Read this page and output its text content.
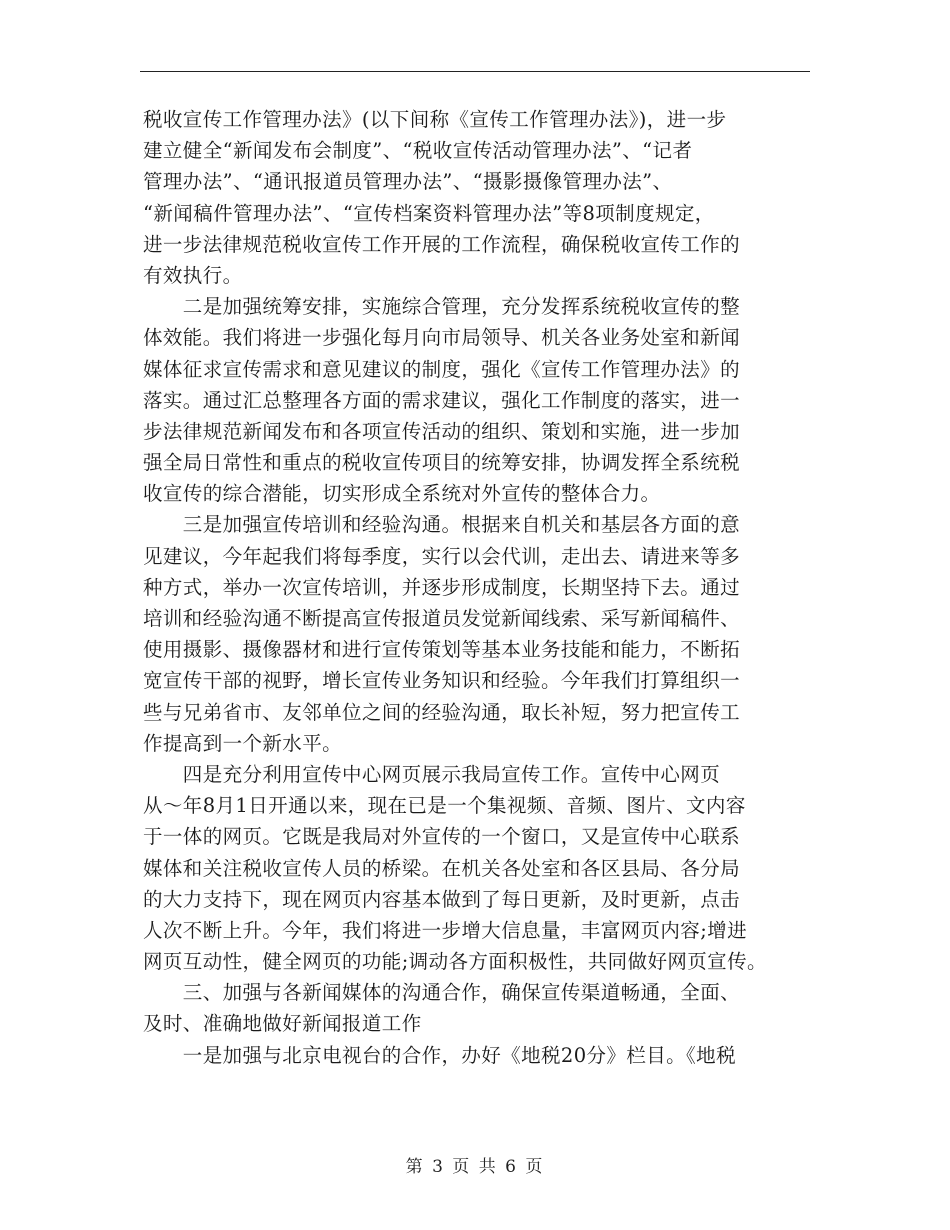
税收宣传工作管理办法》(以下间称《宣传工作管理办法》)，进一步
建立健全“新闻发布会制度”、“税收宣传活动管理办法”、“记者
管理办法”、“通讯报道员管理办法”、“摄影摄像管理办法”、
“新闻稿件管理办法”、“宣传档案资料管理办法”等8项制度规定，
进一步法律规范税收宣传工作开展的工作流程，确保税收宣传工作的
有效执行。
　　二是加强统筹安排，实施综合管理，充分发挥系统税收宣传的整
体效能。我们将进一步强化每月向市局领导、机关各业务处室和新闻
媒体征求宣传需求和意见建议的制度，强化《宣传工作管理办法》的
落实。通过汇总整理各方面的需求建议，强化工作制度的落实，进一
步法律规范新闻发布和各项宣传活动的组织、策划和实施，进一步加
强全局日常性和重点的税收宣传项目的统筹安排，协调发挥全系统税
收宣传的综合潜能，切实形成全系统对外宣传的整体合力。
　　三是加强宣传培训和经验沟通。根据来自机关和基层各方面的意
见建议，今年起我们将每季度，实行以会代训，走出去、请进来等多
种方式，举办一次宣传培训，并逐步形成制度，长期坚持下去。通过
培训和经验沟通不断提高宣传报道员发觉新闻线索、采写新闻稿件、
使用摄影、摄像器材和进行宣传策划等基本业务技能和能力，不断拓
宽宣传干部的视野，增长宣传业务知识和经验。今年我们打算组织一
些与兄弟省市、友邻单位之间的经验沟通，取长补短，努力把宣传工
作提高到一个新水平。
　　四是充分利用宣传中心网页展示我局宣传工作。宣传中心网页
从～年8月1日开通以来，现在已是一个集视频、音频、图片、文内容
于一体的网页。它既是我局对外宣传的一个窗口，又是宣传中心联系
媒体和关注税收宣传人员的桥梁。在机关各处室和各区县局、各分局
的大力支持下，现在网页内容基本做到了每日更新，及时更新，点击
人次不断上升。今年，我们将进一步增大信息量，丰富网页内容;增进
网页互动性，健全网页的功能;调动各方面积极性，共同做好网页宣传。
　　三、加强与各新闻媒体的沟通合作，确保宣传渠道畅通，全面、
及时、准确地做好新闻报道工作
　　一是加强与北京电视台的合作，办好《地税20分》栏目。《地税
第 3 页 共 6 页
